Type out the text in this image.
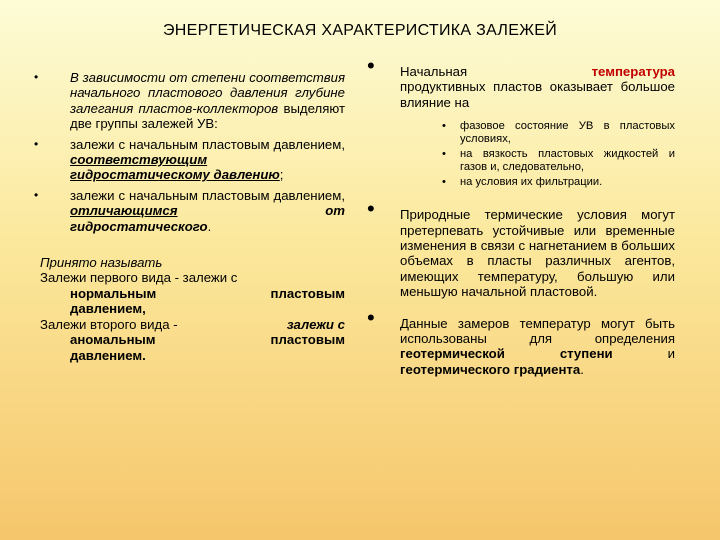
ЭНЕРГЕТИЧЕСКАЯ ХАРАКТЕРИСТИКА ЗАЛЕЖЕЙ
• В зависимости от степени соответствия начального пластового давления глубине залегания пластов-коллекторов выделяют две группы залежей УВ:
• залежи с начальным пластовым давлением, соответствующим гидростатическому давлению;
• залежи с начальным пластовым давлением, отличающимся от гидростатического.
Принято называть
Залежи первого вида - залежи с
нормальным	пластовым
давлением,
Залежи второго вида -	залежи с
аномальным	пластовым
давлением.
• Начальная	температура
продуктивных пластов оказывает большое влияние на
• фазовое состояние УВ в пластовых условиях,
• на вязкость пластовых жидкостей и газов и, следовательно,
• на условия их фильтрации.
• Природные термические условия могут претерпевать устойчивые или временные изменения в связи с нагнетанием в больших объемах в пласты различных агентов, имеющих температуру, большую или меньшую начальной пластовой.
• Данные замеров температур могут быть использованы для определения геотермической ступени и геотермического градиента.
